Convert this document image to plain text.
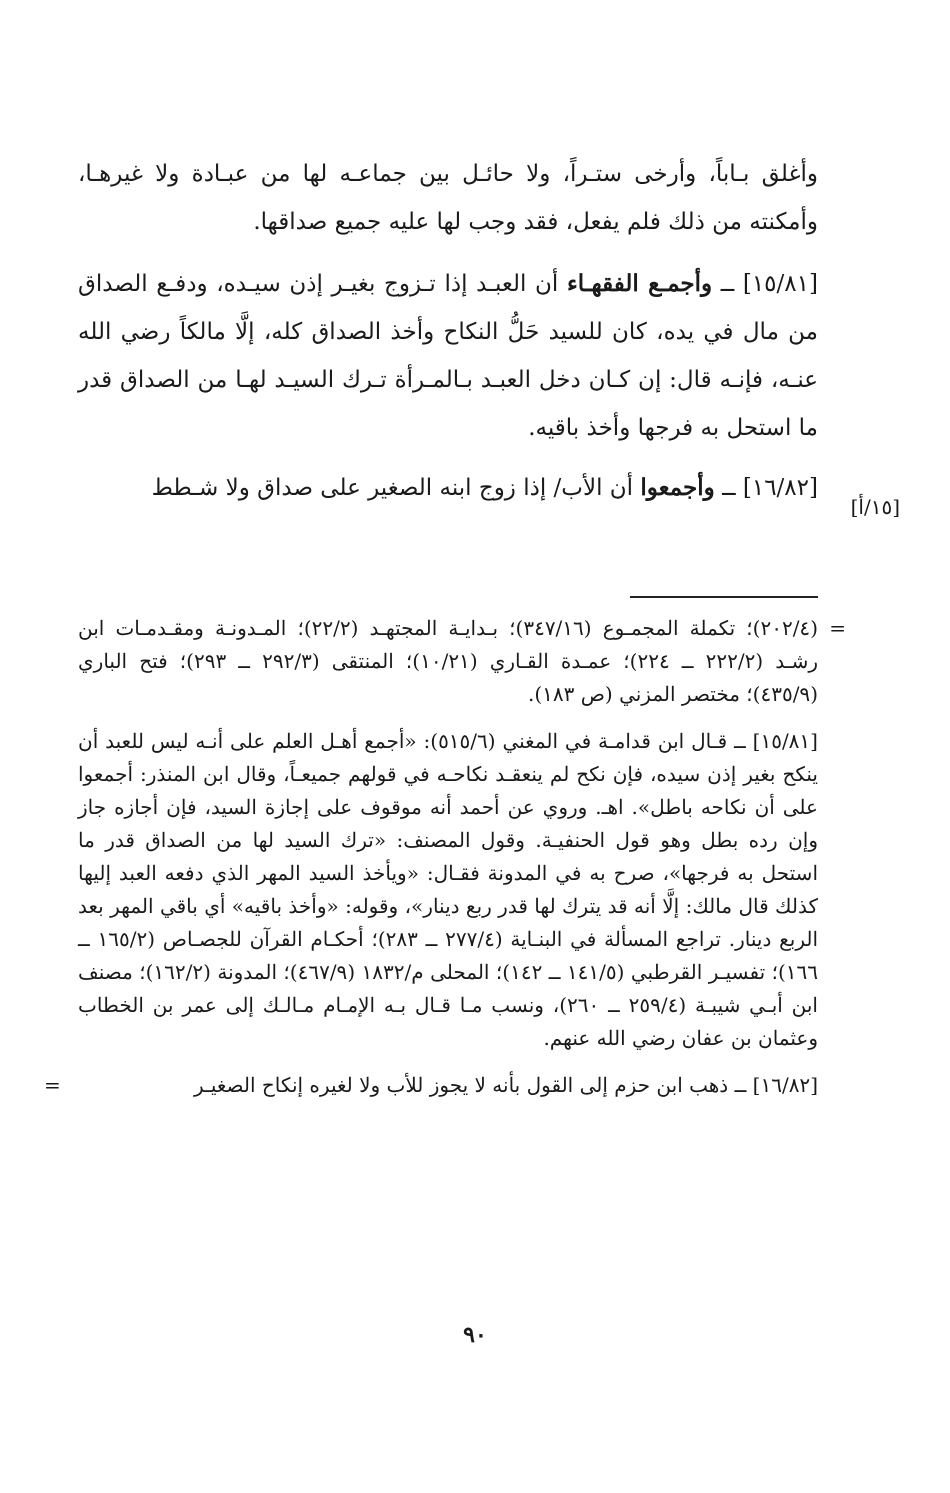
وأغلق بـاباً، وأرخى ستـراً، ولا حائـل بين جماعـه لها من عبـادة ولا غيرهـا، وأمكنته من ذلك فلم يفعل، فقد وجب لها عليه جميع صداقها.

[١٥/٨١] ــ وأجمـع الفقهـاء أن العبـد إذا تـزوج بغيـر إذن سيـده، ودفـع الصداق من مال في يده، كان للسيد حَلُّ النكاح وأخذ الصداق كله، إلَّا مالكاً رضي الله عنـه، فإنـه قال: إن كـان دخل العبـد بـالمـرأة تـرك السيـد لهـا من الصداق قدر ما استحل به فرجها وأخذ باقيه.

[١٦/٨٢] ــ وأجمعوا أن الأب/ إذا زوج ابنه الصغير على صداق ولا شـطط

[١٥/أ]

=
(٢٠٢/٤)؛ تكملة المجمـوع (٣٤٧/١٦)؛ بـدايـة المجتهـد (٢٢/٢)؛ المـدونـة ومقـدمـات ابن رشـد (٢٢٢/٢ ــ ٢٢٤)؛ عمـدة القـاري (١٠/٢١)؛ المنتقى (٢٩٢/٣ ــ ٢٩٣)؛ فتح الباري (٤٣٥/٩)؛ مختصر المزني (ص ١٨٣).

[١٥/٨١] ــ قـال ابن قدامـة في المغني (٥١٥/٦): «أجمع أهـل العلم على أنـه ليس للعبد أن ينكح بغير إذن سيده، فإن نكح لم ينعقـد نكاحـه في قولهم جميعـاً، وقال ابن المنذر: أجمعوا على أن نكاحه باطل». اهـ. وروي عن أحمد أنه موقوف على إجازة السيد، فإن أجازه جاز وإن رده بطل وهو قول الحنفيـة. وقول المصنف: «ترك السيد لها من الصداق قدر ما استحل به فرجها»، صرح به في المدونة فقـال: «ويأخذ السيد المهر الذي دفعه العبد إليها كذلك قال مالك: إلَّا أنه قد يترك لها قدر ربع دينار»، وقوله: «وأخذ باقيه» أي باقي المهر بعد الربع دينار. تراجع المسألة في البنـاية (٢٧٧/٤ ــ ٢٨٣)؛ أحكـام القرآن للجصـاص (١٦٥/٢ ــ ١٦٦)؛ تفسيـر القرطبي (١٤١/٥ ــ ١٤٢)؛ المحلى م/١٨٣٢ (٤٦٧/٩)؛ المدونة (١٦٢/٢)؛ مصنف ابن أبـي شيبـة (٢٥٩/٤ ــ ٢٦٠)، ونسب مـا قـال بـه الإمـام مـالـك إلى عمر بن الخطاب وعثمان بن عفان رضي الله عنهم.

[١٦/٨٢] ــ ذهب ابن حزم إلى القول بأنه لا يجوز للأب ولا لغيره إنكاح الصغيـر
=

٩٠
